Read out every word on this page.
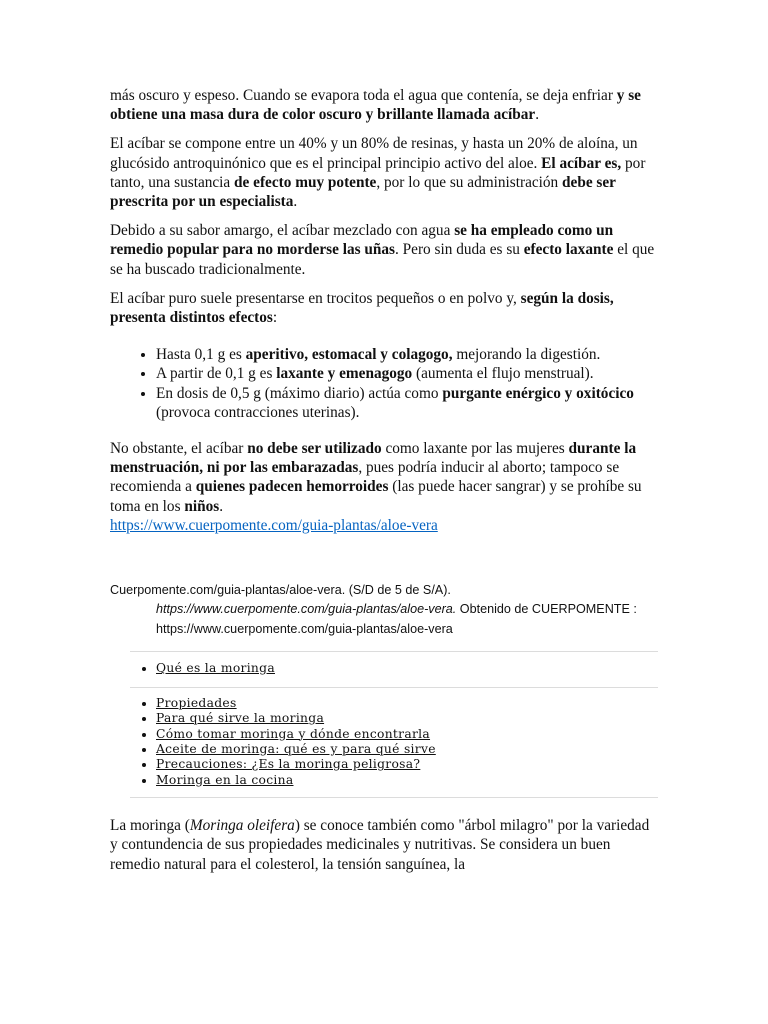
más oscuro y espeso. Cuando se evapora toda el agua que contenía, se deja enfriar y se obtiene una masa dura de color oscuro y brillante llamada acíbar.

El acíbar se compone entre un 40% y un 80% de resinas, y hasta un 20% de aloína, un glucósido antroquinónico que es el principal principio activo del aloe. El acíbar es, por tanto, una sustancia de efecto muy potente, por lo que su administración debe ser prescrita por un especialista.

Debido a su sabor amargo, el acíbar mezclado con agua se ha empleado como un remedio popular para no morderse las uñas. Pero sin duda es su efecto laxante el que se ha buscado tradicionalmente.

El acíbar puro suele presentarse en trocitos pequeños o en polvo y, según la dosis, presenta distintos efectos:

• Hasta 0,1 g es aperitivo, estomacal y colagogo, mejorando la digestión.
• A partir de 0,1 g es laxante y emenagogo (aumenta el flujo menstrual).
• En dosis de 0,5 g (máximo diario) actúa como purgante enérgico y oxitócico (provoca contracciones uterinas).

No obstante, el acíbar no debe ser utilizado como laxante por las mujeres durante la menstruación, ni por las embarazadas, pues podría inducir al aborto; tampoco se recomienda a quienes padecen hemorroides (las puede hacer sangrar) y se prohíbe su toma en los niños.
https://www.cuerpomente.com/guia-plantas/aloe-vera

Cuerpomente.com/guia-plantas/aloe-vera. (S/D de 5 de S/A).

https://www.cuerpomente.com/guia-plantas/aloe-vera. Obtenido de CUERPOMENTE :

https://www.cuerpomente.com/guia-plantas/aloe-vera

• Qué es la moringa
• Propiedades
• Para qué sirve la moringa
• Cómo tomar moringa y dónde encontrarla
• Aceite de moringa: qué es y para qué sirve
• Precauciones: ¿Es la moringa peligrosa?
• Moringa en la cocina

La moringa (Moringa oleifera) se conoce también como "árbol milagro" por la variedad y contundencia de sus propiedades medicinales y nutritivas. Se considera un buen remedio natural para el colesterol, la tensión sanguínea, la
